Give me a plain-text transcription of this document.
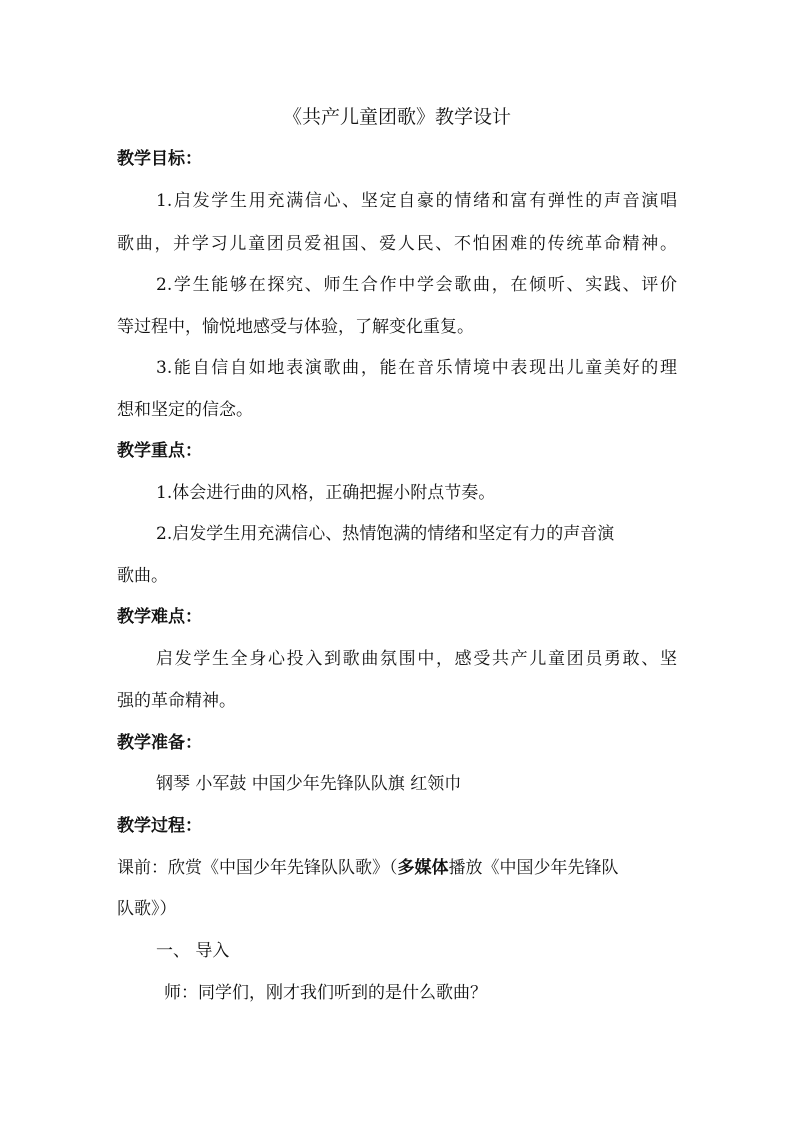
《共产儿童团歌》教学设计
教学目标：
1.启发学生用充满信心、坚定自豪的情绪和富有弹性的声音演唱
歌曲，并学习儿童团员爱祖国、爱人民、不怕困难的传统革命精神。
2.学生能够在探究、师生合作中学会歌曲，在倾听、实践、评价
等过程中，愉悦地感受与体验，了解变化重复。
3.能自信自如地表演歌曲，能在音乐情境中表现出儿童美好的理
想和坚定的信念。
教学重点：
1.体会进行曲的风格，正确把握小附点节奏。
2.启发学生用充满信心、热情饱满的情绪和坚定有力的声音演
歌曲。
教学难点：
启发学生全身心投入到歌曲氛围中，感受共产儿童团员勇敢、坚
强的革命精神。
教学准备：
钢琴 小军鼓 中国少年先锋队队旗 红领巾
教学过程：
课前：欣赏《中国少年先锋队队歌》（多媒体播放《中国少年先锋队
队歌》）
一、 导入
师：同学们，刚才我们听到的是什么歌曲？
